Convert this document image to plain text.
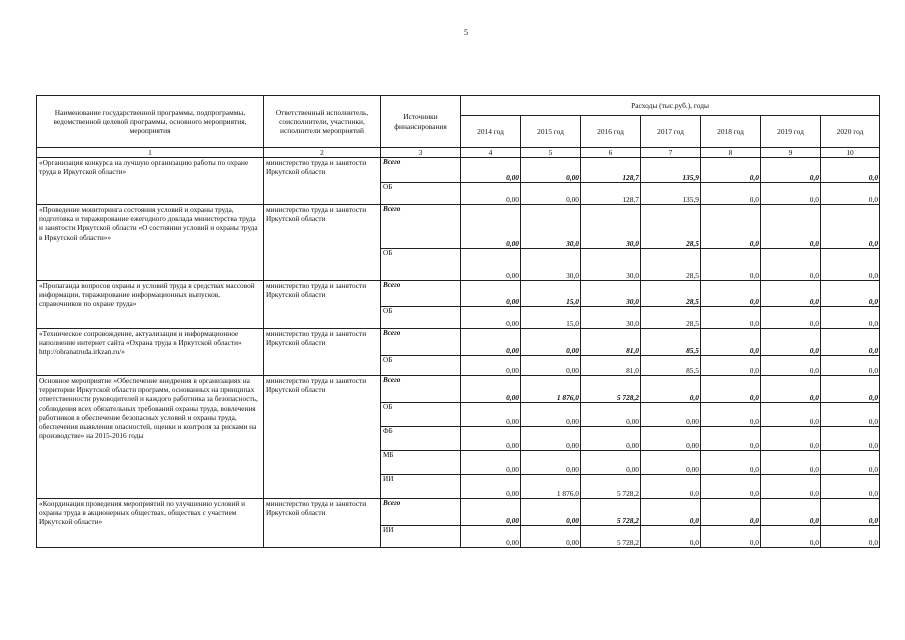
5
Наименование государственной программы, подпрограммы, ведомственной целевой программы, основного мероприятия, мероприятия	Ответственный исполнитель, соисполнители, участники, исполнители мероприятий	Источники финансирования	Расходы (тыс.руб.), годы						
			2014 год	2015 год	2016 год	2017 год	2018 год	2019 год	2020 год
1	2	3	4	5	6	7	8	9	10
«Организация конкурса на лучшую организацию работы по охране труда в Иркутской области»	министерство труда и занятости Иркутской области	Всего	0,00	0,00	128,7	135,9	0,0	0,0	0,0
		ОБ	0,00	0,00	128,7	135,9	0,0	0,0	0,0
«Проведение мониторинга состояния условий и охраны труда, подготовка и тиражирование ежегодного доклада министерства труда и занятости Иркутской области «О состоянии условий и охраны труда в Иркутской области»»	министерство труда и занятости Иркутской области	Всего	0,00	30,0	30,0	28,5	0,0	0,0	0,0
		ОБ	0,00	30,0	30,0	28,5	0,0	0,0	0,0
«Пропаганда вопросов охраны и условий труда в средствах массовой информации, тиражирование информационных выпусков, справочников по охране труда»	министерство труда и занятости Иркутской области	Всего	0,00	15,0	30,0	28,5	0,0	0,0	0,0
		ОБ	0,00	15,0	30,0	28,5	0,0	0,0	0,0
«Техническое сопровождение, актуализация и информационное наполнение интернет сайта «Охрана труда в Иркутской области» http://ohranatruda.irkzan.ru/»	министерство труда и занятости Иркутской области	Всего	0,00	0,00	81,0	85,5	0,0	0,0	0,0
		ОБ	0,00	0,00	81,0	85,5	0,0	0,0	0,0
Основное мероприятие «Обеспечение внедрения в организациях на территории Иркутской области программ, основанных на принципах ответственности руководителей и каждого работника за безопасность, соблюдения всех обязательных требований охраны труда, вовлечения работников в обеспечение безопасных условий и охраны труда, обеспечения выявления опасностей, оценки и контроля за рисками на производстве» на 2015-2016 годы	министерство труда и занятости Иркутской области	Всего	0,00	1 876,0	5 728,2	0,0	0,0	0,0	0,0
		ОБ	0,00	0,00	0,00	0,00	0,0	0,0	0,0
		ФБ	0,00	0,00	0,00	0,00	0,0	0,0	0,0
		МБ	0,00	0,00	0,00	0,00	0,0	0,0	0,0
		ИИ	0,00	1 876,0	5 728,2	0,0	0,0	0,0	0,0
«Координация проведения мероприятий по улучшению условий и охраны труда в акционерных обществах, обществах с участием Иркутской области»	министерство труда и занятости Иркутской области	Всего	0,00	0,00	5 728,2	0,0	0,0	0,0	0,0
		ИИ	0,00	0,00	5 728,2	0,0	0,0	0,0	0,0
